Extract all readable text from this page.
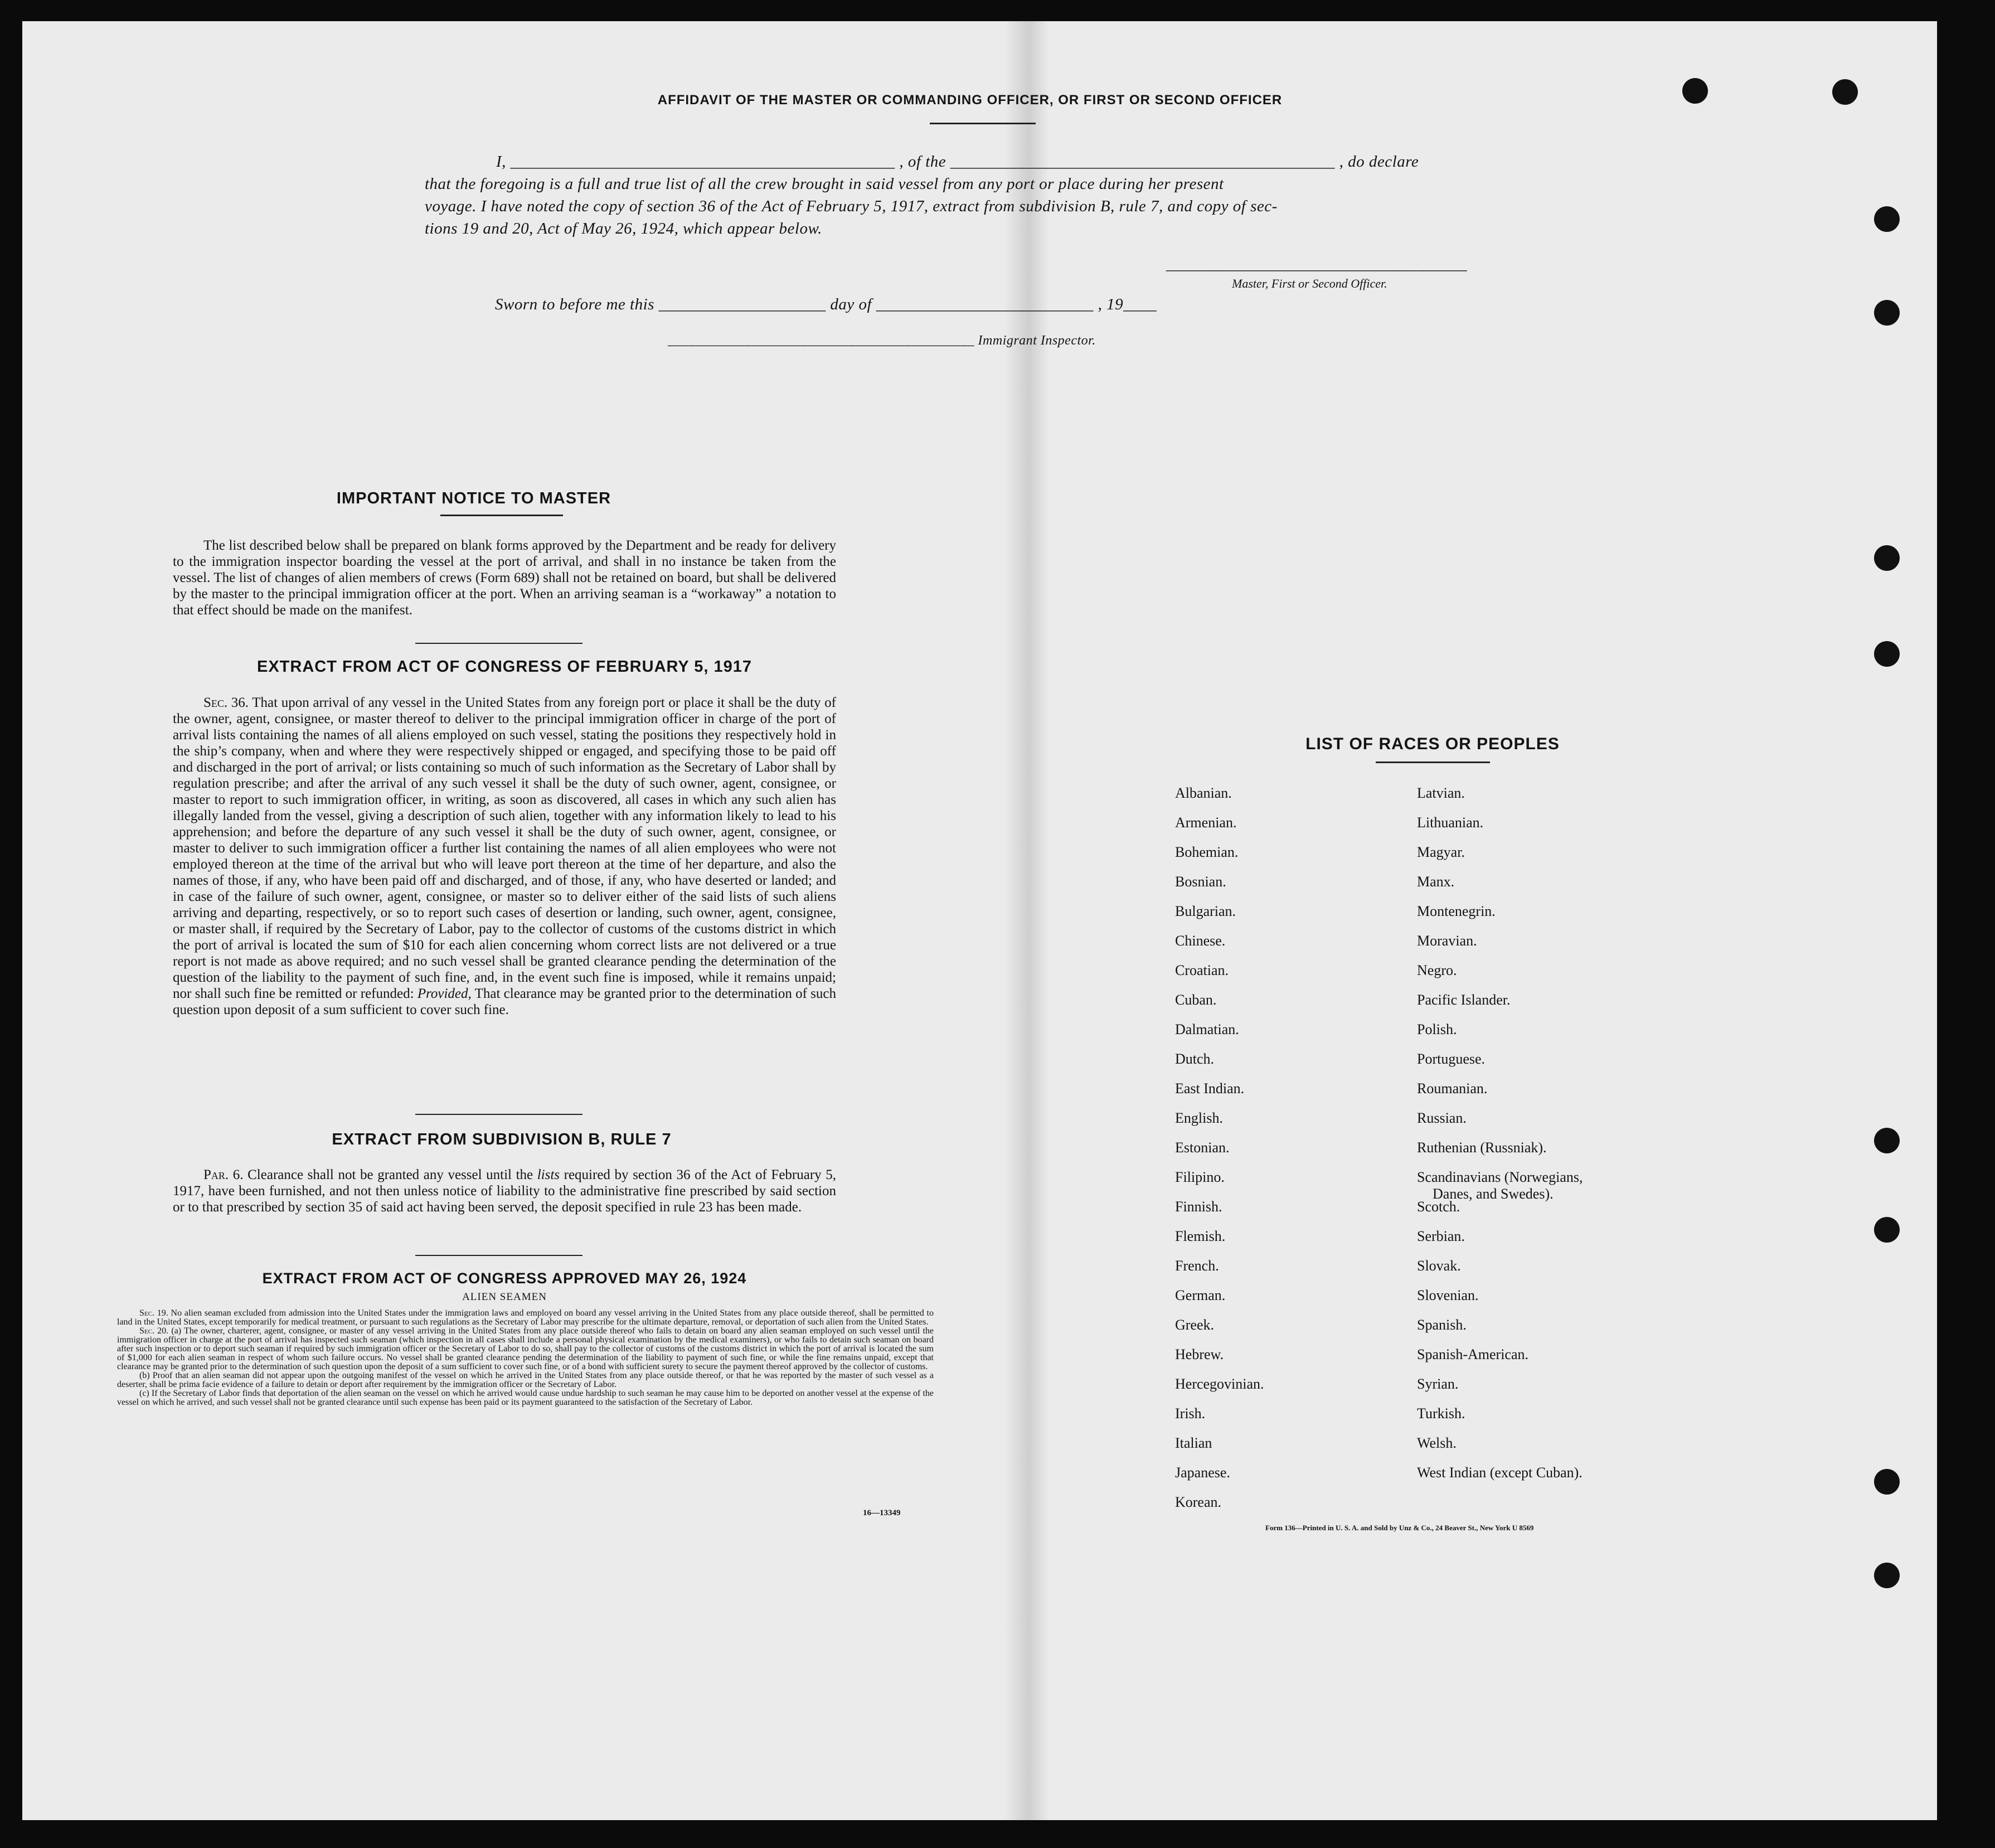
AFFIDAVIT OF THE MASTER OR COMMANDING OFFICER, OR FIRST OR SECOND OFFICER
I, ______________________________________________ , of the ______________________________________________ , do declare
that the foregoing is a full and true list of all the crew brought in said vessel from any port or place during her present
voyage. I have noted the copy of section 36 of the Act of February 5, 1917, extract from subdivision B, rule 7, and copy of sec-
tions 19 and 20, Act of May 26, 1924, which appear below.
____________________________________
Master, First or Second Officer.
Sworn to before me this ____________________ day of __________________________ , 19____
____________________________________________ Immigrant Inspector.
IMPORTANT NOTICE TO MASTER
The list described below shall be prepared on blank forms approved by the Department and be ready for delivery to the immigration inspector boarding the vessel at the port of arrival, and shall in no instance be taken from the vessel. The list of changes of alien members of crews (Form 689) shall not be retained on board, but shall be delivered by the master to the principal immigration officer at the port. When an arriving seaman is a “workaway” a notation to that effect should be made on the manifest.
EXTRACT FROM ACT OF CONGRESS OF FEBRUARY 5, 1917
Sec. 36. That upon arrival of any vessel in the United States from any foreign port or place it shall be the duty of the owner, agent, consignee, or master thereof to deliver to the principal immigration officer in charge of the port of arrival lists containing the names of all aliens employed on such vessel, stating the positions they respectively hold in the ship’s company, when and where they were respectively shipped or engaged, and specifying those to be paid off and discharged in the port of arrival; or lists containing so much of such information as the Secretary of Labor shall by regulation prescribe; and after the arrival of any such vessel it shall be the duty of such owner, agent, consignee, or master to report to such immigration officer, in writing, as soon as discovered, all cases in which any such alien has illegally landed from the vessel, giving a description of such alien, together with any information likely to lead to his apprehension; and before the departure of any such vessel it shall be the duty of such owner, agent, consignee, or master to deliver to such immigration officer a further list containing the names of all alien employees who were not employed thereon at the time of the arrival but who will leave port thereon at the time of her departure, and also the names of those, if any, who have been paid off and discharged, and of those, if any, who have deserted or landed; and in case of the failure of such owner, agent, consignee, or master so to deliver either of the said lists of such aliens arriving and departing, respectively, or so to report such cases of desertion or landing, such owner, agent, consignee, or master shall, if required by the Secretary of Labor, pay to the collector of customs of the customs district in which the port of arrival is located the sum of $10 for each alien concerning whom correct lists are not delivered or a true report is not made as above required; and no such vessel shall be granted clearance pending the determination of the question of the liability to the payment of such fine, and, in the event such fine is imposed, while it remains unpaid; nor shall such fine be remitted or refunded: Provided, That clearance may be granted prior to the determination of such question upon deposit of a sum sufficient to cover such fine.
EXTRACT FROM SUBDIVISION B, RULE 7
Par. 6. Clearance shall not be granted any vessel until the lists required by section 36 of the Act of February 5, 1917, have been furnished, and not then unless notice of liability to the administrative fine prescribed by said section or to that prescribed by section 35 of said act having been served, the deposit specified in rule 23 has been made.
EXTRACT FROM ACT OF CONGRESS APPROVED MAY 26, 1924
ALIEN SEAMEN

Sec. 19. No alien seaman excluded from admission into the United States under the immigration laws and employed on board any vessel arriving in the United States from any place outside thereof, shall be permitted to land in the United States, except temporarily for medical treatment, or pursuant to such regulations as the Secretary of Labor may prescribe for the ultimate departure, removal, or deportation of such alien from the United States.

Sec. 20. (a) The owner, charterer, agent, consignee, or master of any vessel arriving in the United States from any place outside thereof who fails to detain on board any alien seaman employed on such vessel until the immigration officer in charge at the port of arrival has inspected such seaman (which inspection in all cases shall include a personal physical examination by the medical examiners), or who fails to detain such seaman on board after such inspection or to deport such seaman if required by such immigration officer or the Secretary of Labor to do so, shall pay to the collector of customs of the customs district in which the port of arrival is located the sum of $1,000 for each alien seaman in respect of whom such failure occurs. No vessel shall be granted clearance pending the determination of the liability to payment of such fine, or while the fine remains unpaid, except that clearance may be granted prior to the determination of such question upon the deposit of a sum sufficient to cover such fine, or of a bond with sufficient surety to secure the payment thereof approved by the collector of customs.

(b) Proof that an alien seaman did not appear upon the outgoing manifest of the vessel on which he arrived in the United States from any place outside thereof, or that he was reported by the master of such vessel as a deserter, shall be prima facie evidence of a failure to detain or deport after requirement by the immigration officer or the Secretary of Labor.

(c) If the Secretary of Labor finds that deportation of the alien seaman on the vessel on which he arrived would cause undue hardship to such seaman he may cause him to be deported on another vessel at the expense of the vessel on which he arrived, and such vessel shall not be granted clearance until such expense has been paid or its payment guaranteed to the satisfaction of the Secretary of Labor.

16—13349
LIST OF RACES OR PEOPLES
Albanian.
Armenian.
Bohemian.
Bosnian.
Bulgarian.
Chinese.
Croatian.
Cuban.
Dalmatian.
Dutch.
East Indian.
English.
Estonian.
Filipino.
Finnish.
Flemish.
French.
German.
Greek.
Hebrew.
Hercegovinian.
Irish.
Italian
Japanese.
Korean.
Latvian.
Lithuanian.
Magyar.
Manx.
Montenegrin.
Moravian.
Negro.
Pacific Islander.
Polish.
Portuguese.
Roumanian.
Russian.
Ruthenian (Russniak).
Scandinavians (Norwegians,
Danes, and Swedes).
Scotch.
Serbian.
Slovak.
Slovenian.
Spanish.
Spanish-American.
Syrian.
Turkish.
Welsh.
West Indian (except Cuban).
Form 136—Printed in U. S. A. and Sold by Unz & Co., 24 Beaver St., New York U 8569
